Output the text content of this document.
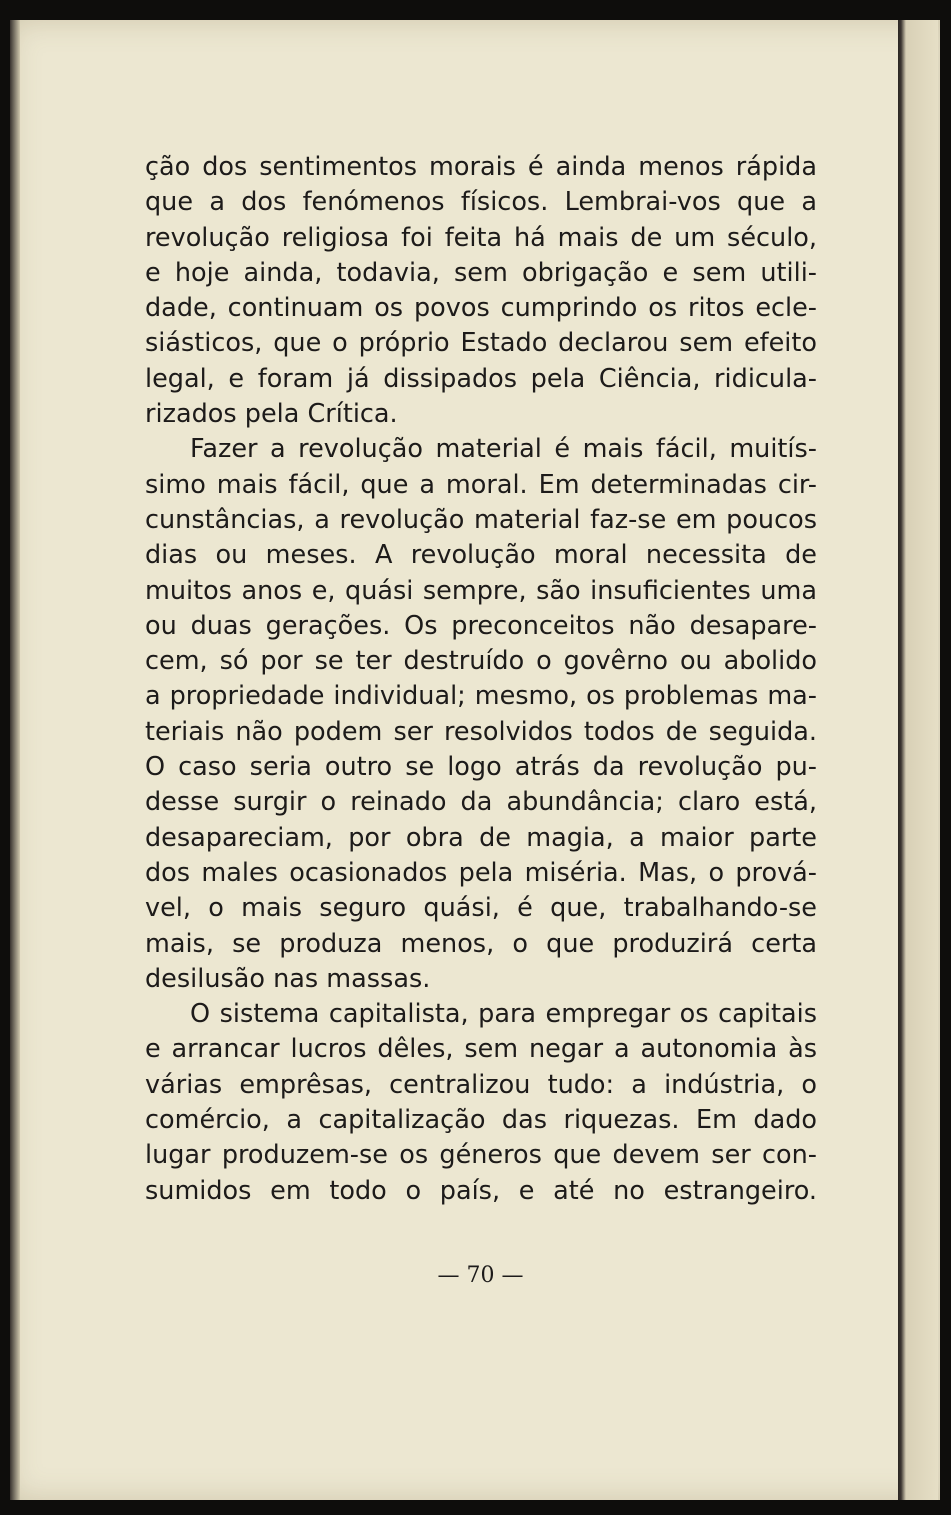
ção dos sentimentos morais é ainda menos rápida
que a dos fenómenos físicos. Lembrai-vos que a
revolução religiosa foi feita há mais de um século,
e hoje ainda, todavia, sem obrigação e sem utili-
dade, continuam os povos cumprindo os ritos ecle-
siásticos, que o próprio Estado declarou sem efeito
legal, e foram já dissipados pela Ciência, ridicula-
rizados pela Crítica.
Fazer a revolução material é mais fácil, muitís-
simo mais fácil, que a moral. Em determinadas cir-
cunstâncias, a revolução material faz-se em poucos
dias ou meses. A revolução moral necessita de
muitos anos e, quási sempre, são insuficientes uma
ou duas gerações. Os preconceitos não desapare-
cem, só por se ter destruído o govêrno ou abolido
a propriedade individual; mesmo, os problemas ma-
teriais não podem ser resolvidos todos de seguida.
O caso seria outro se logo atrás da revolução pu-
desse surgir o reinado da abundância; claro está,
desapareciam, por obra de magia, a maior parte
dos males ocasionados pela miséria. Mas, o prová-
vel, o mais seguro quási, é que, trabalhando-se
mais, se produza menos, o que produzirá certa
desilusão nas massas.
O sistema capitalista, para empregar os capitais
e arrancar lucros dêles, sem negar a autonomia às
várias emprêsas, centralizou tudo: a indústria, o
comércio, a capitalização das riquezas. Em dado
lugar produzem-se os géneros que devem ser con-
sumidos em todo o país, e até no estrangeiro.
— 70 —
